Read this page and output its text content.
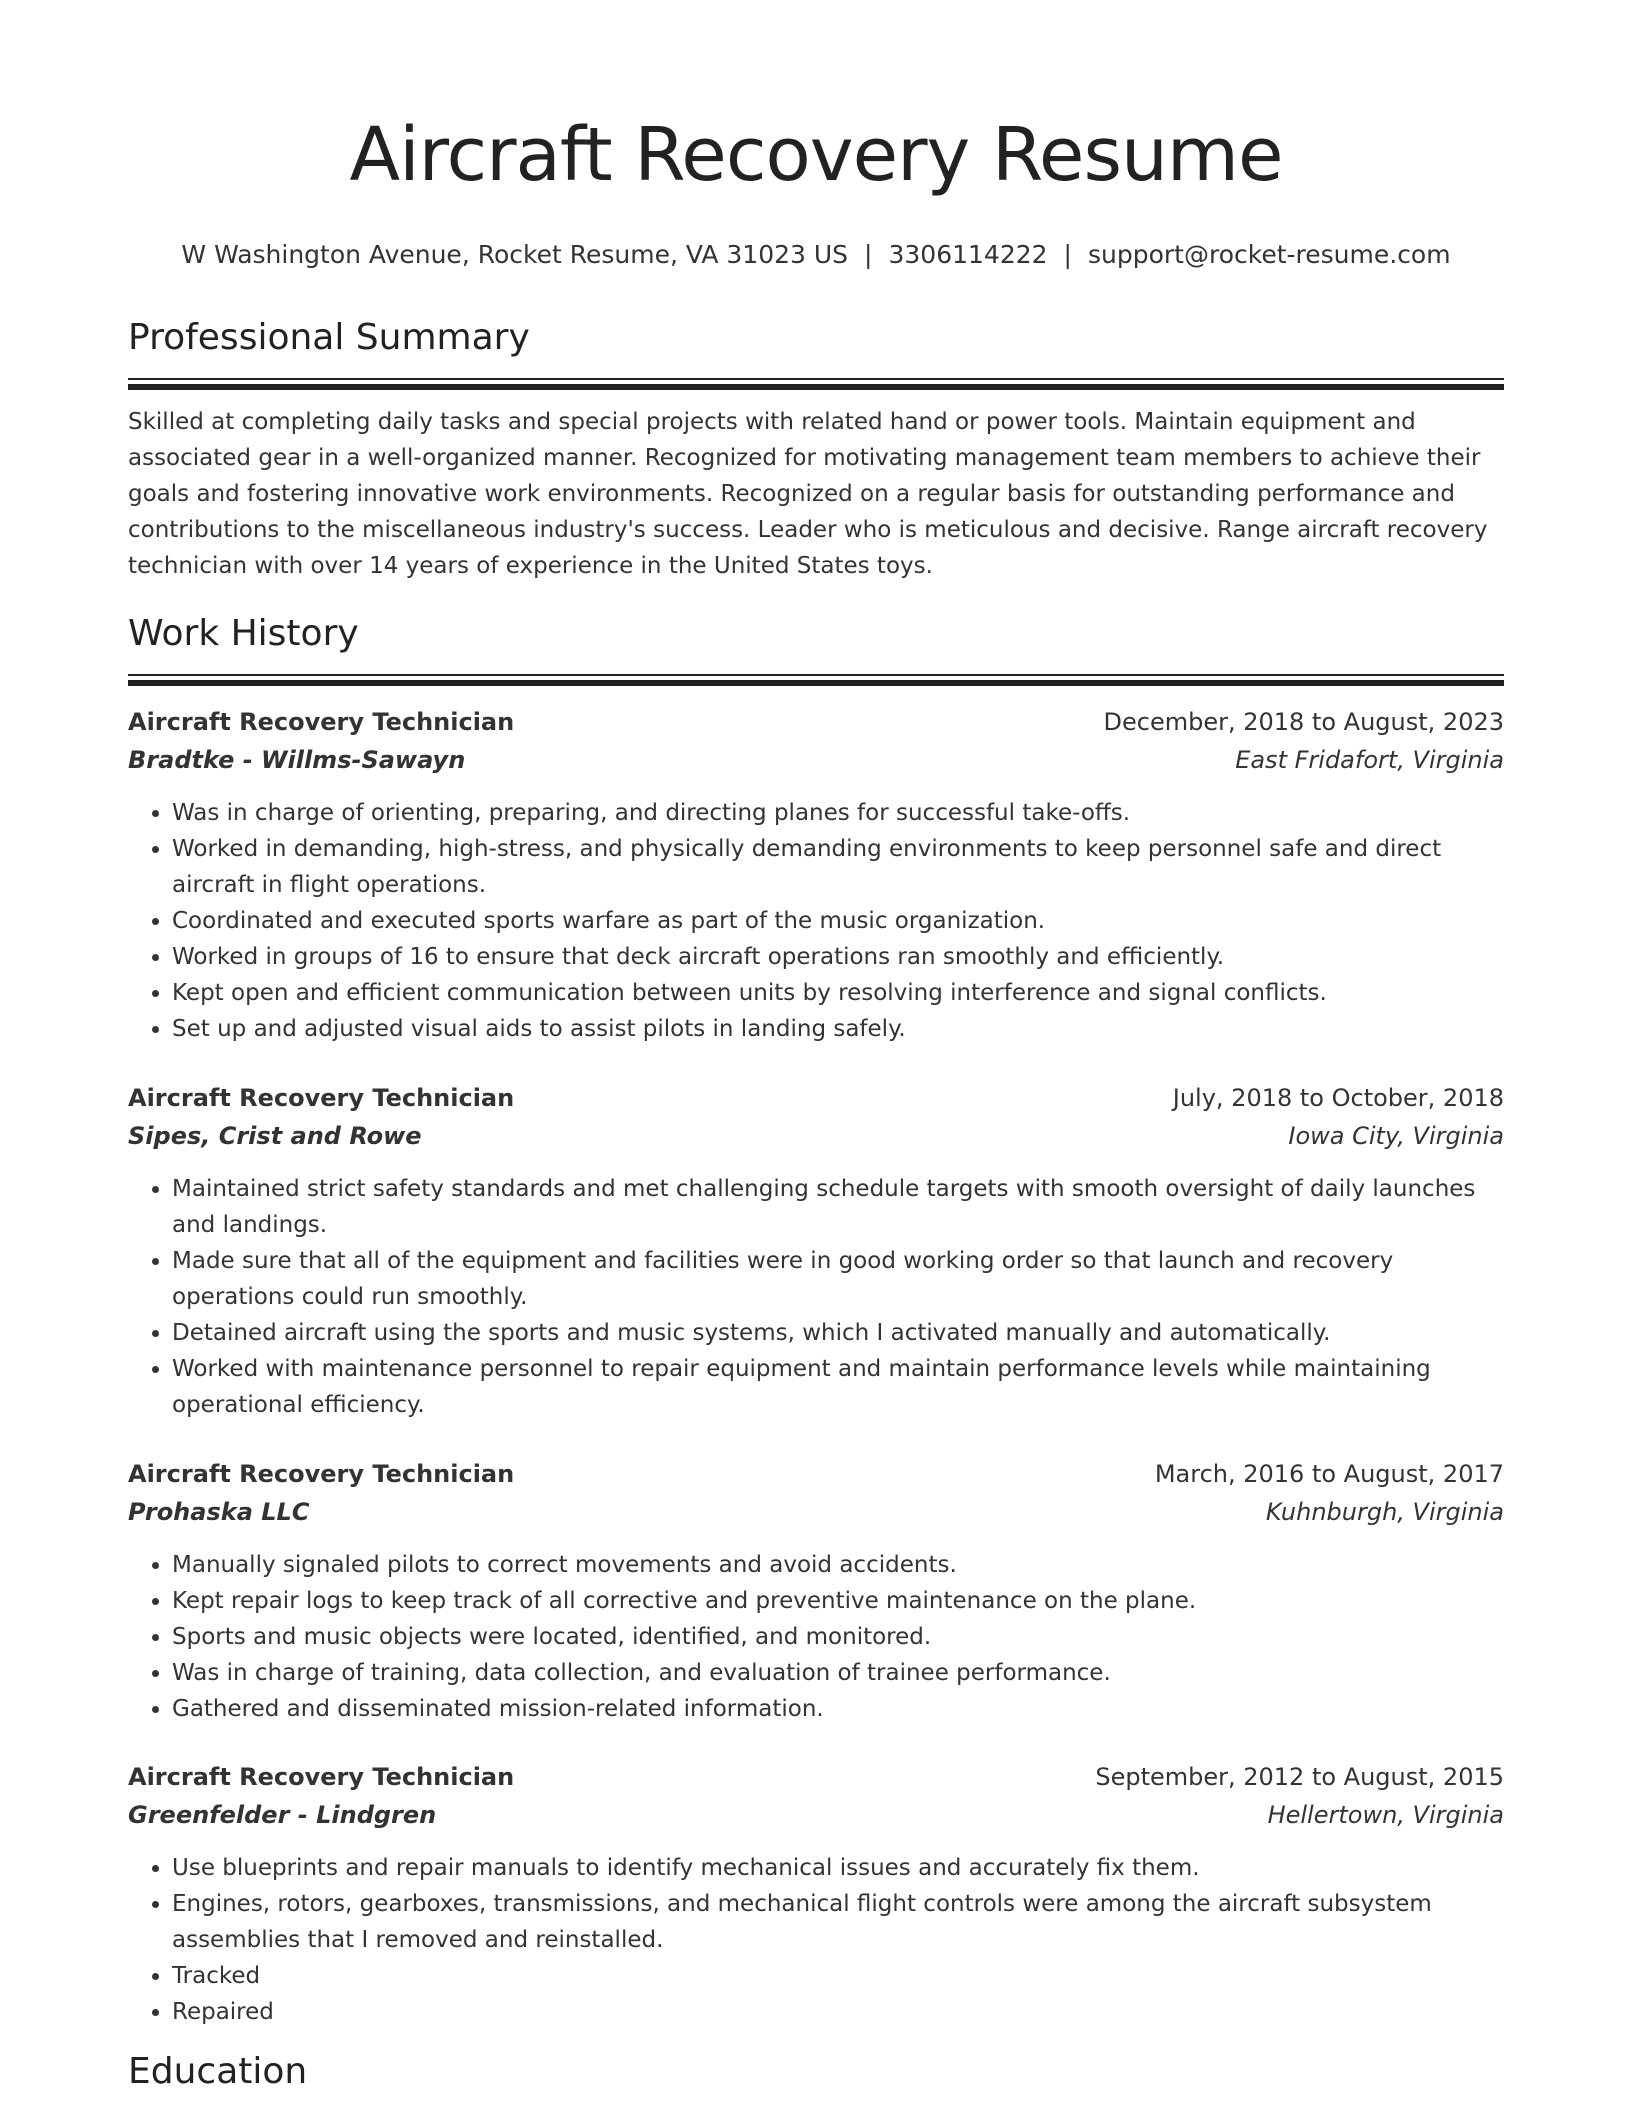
Aircraft Recovery Resume
W Washington Avenue, Rocket Resume, VA 31023 US | 3306114222 | support@rocket-resume.com
Professional Summary

Skilled at completing daily tasks and special projects with related hand or power tools. Maintain equipment and associated gear in a well-organized manner. Recognized for motivating management team members to achieve their goals and fostering innovative work environments. Recognized on a regular basis for outstanding performance and contributions to the miscellaneous industry's success. Leader who is meticulous and decisive. Range aircraft recovery technician with over 14 years of experience in the United States toys.

Work History
Aircraft Recovery Technician	December, 2018 to August, 2023
Bradtke - Willms-Sawayn	East Fridafort, Virginia
• Was in charge of orienting, preparing, and directing planes for successful take-offs.
• Worked in demanding, high-stress, and physically demanding environments to keep personnel safe and direct aircraft in flight operations.
• Coordinated and executed sports warfare as part of the music organization.
• Worked in groups of 16 to ensure that deck aircraft operations ran smoothly and efficiently.
• Kept open and efficient communication between units by resolving interference and signal conflicts.
• Set up and adjusted visual aids to assist pilots in landing safely.
Aircraft Recovery Technician	July, 2018 to October, 2018
Sipes, Crist and Rowe	Iowa City, Virginia
• Maintained strict safety standards and met challenging schedule targets with smooth oversight of daily launches and landings.
• Made sure that all of the equipment and facilities were in good working order so that launch and recovery operations could run smoothly.
• Detained aircraft using the sports and music systems, which I activated manually and automatically.
• Worked with maintenance personnel to repair equipment and maintain performance levels while maintaining operational efficiency.
Aircraft Recovery Technician	March, 2016 to August, 2017
Prohaska LLC	Kuhnburgh, Virginia
• Manually signaled pilots to correct movements and avoid accidents.
• Kept repair logs to keep track of all corrective and preventive maintenance on the plane.
• Sports and music objects were located, identified, and monitored.
• Was in charge of training, data collection, and evaluation of trainee performance.
• Gathered and disseminated mission-related information.
Aircraft Recovery Technician	September, 2012 to August, 2015
Greenfelder - Lindgren	Hellertown, Virginia
• Use blueprints and repair manuals to identify mechanical issues and accurately fix them.
• Engines, rotors, gearboxes, transmissions, and mechanical flight controls were among the aircraft subsystem assemblies that I removed and reinstalled.
• Tracked
• Repaired
Education
